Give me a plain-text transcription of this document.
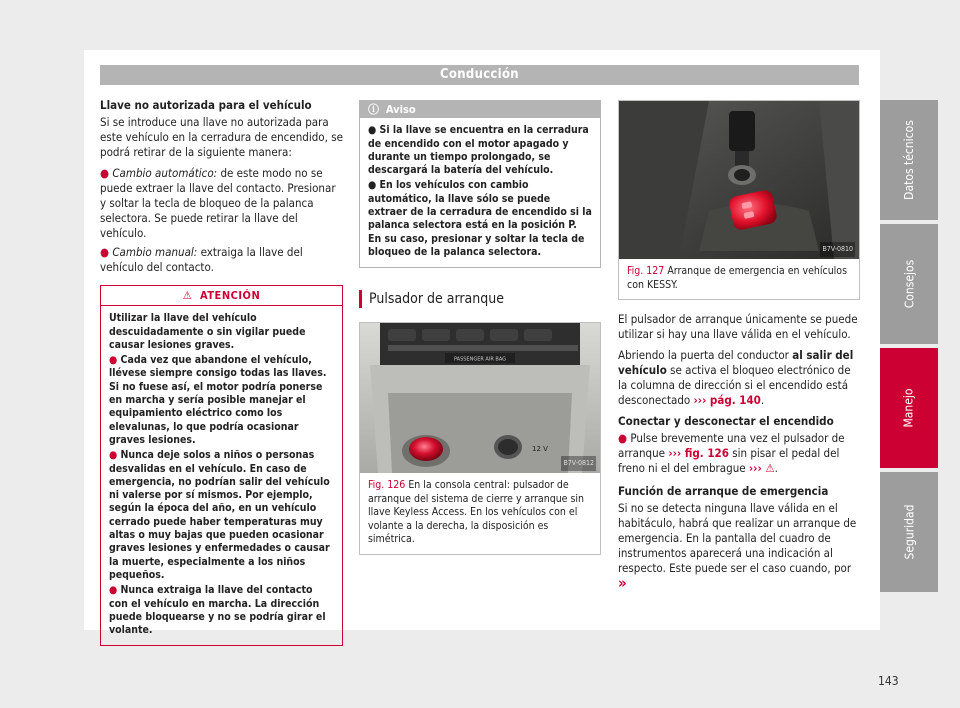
Conducción
Llave no autorizada para el vehículo

Si se introduce una llave no autorizada para este vehículo en la cerradura de encendido, se podrá retirar de la siguiente manera:

● Cambio automático: de este modo no se puede extraer la llave del contacto. Presionar y soltar la tecla de bloqueo de la palanca selectora. Se puede retirar la llave del vehículo.

● Cambio manual: extraiga la llave del vehículo del contacto.

⚠ ATENCIÓN

Utilizar la llave del vehículo descuidadamente o sin vigilar puede causar lesiones graves.

● Cada vez que abandone el vehículo, llévese siempre consigo todas las llaves. Si no fuese así, el motor podría ponerse en marcha y sería posible manejar el equipamiento eléctrico como los elevalunas, lo que podría ocasionar graves lesiones.

● Nunca deje solos a niños o personas desvalidas en el vehículo. En caso de emergencia, no podrían salir del vehículo ni valerse por sí mismos. Por ejemplo, según la época del año, en un vehículo cerrado puede haber temperaturas muy altas o muy bajas que pueden ocasionar graves lesiones y enfermedades o causar la muerte, especialmente a los niños pequeños.

● Nunca extraiga la llave del contacto con el vehículo en marcha. La dirección puede bloquearse y no se podría girar el volante.

ⓘ Aviso

● Si la llave se encuentra en la cerradura de encendido con el motor apagado y durante un tiempo prolongado, se descargará la batería del vehículo.

● En los vehículos con cambio automático, la llave sólo se puede extraer de la cerradura de encendido si la palanca selectora está en la posición P. En su caso, presionar y soltar la tecla de bloqueo de la palanca selectora.

Pulsador de arranque
PASSENGER AIR BAG
12 V
B7V-0812
Fig. 126 En la consola central: pulsador de arranque del sistema de cierre y arranque sin llave Keyless Access. En los vehículos con el volante a la derecha, la disposición es simétrica.
B7V-0810
Fig. 127 Arranque de emergencia en vehículos con KESSY.

El pulsador de arranque únicamente se puede utilizar si hay una llave válida en el vehículo.

Abriendo la puerta del conductor al salir del vehículo se activa el bloqueo electrónico de la columna de dirección si el encendido está desconectado ››› pág. 140.

Conectar y desconectar el encendido

● Pulse brevemente una vez el pulsador de arranque ››› fig. 126 sin pisar el pedal del freno ni el del embrague ››› ⚠.

Función de arranque de emergencia

Si no se detecta ninguna llave válida en el habitáculo, habrá que realizar un arranque de emergencia. En la pantalla del cuadro de instrumentos aparecerá una indicación al respecto. Este puede ser el caso cuando, por »

Datos técnicos
Consejos
Manejo
Seguridad
143
